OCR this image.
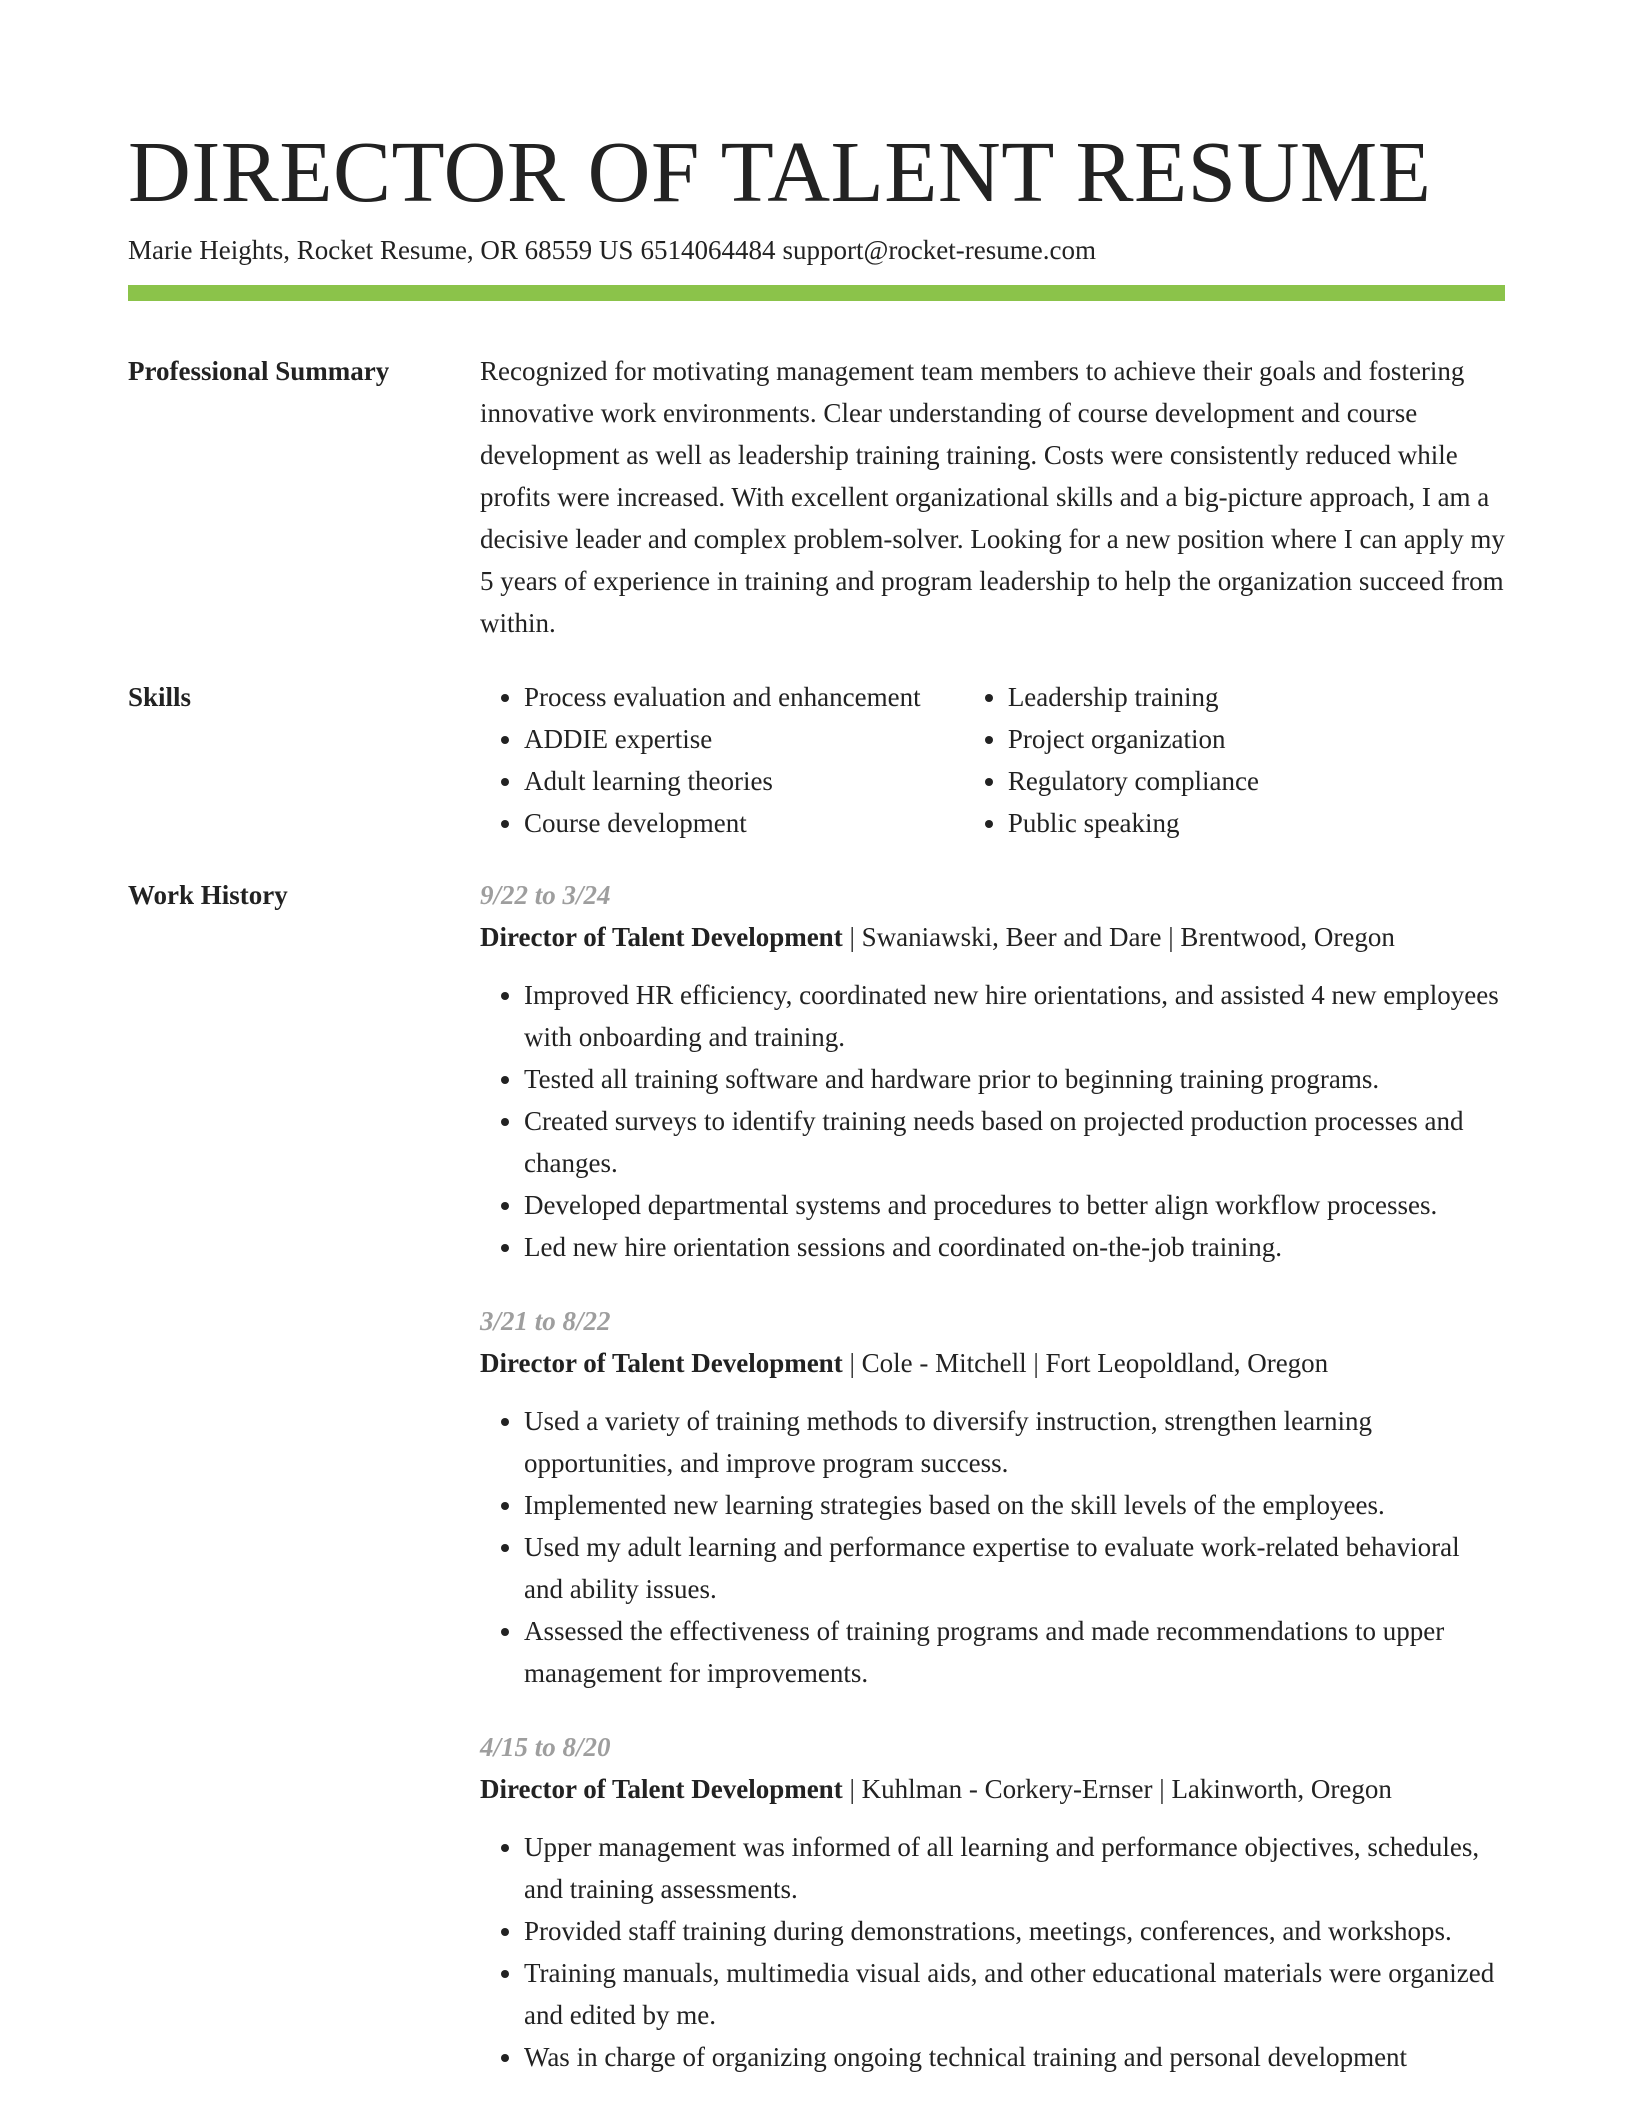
DIRECTOR OF TALENT RESUME
Marie Heights, Rocket Resume, OR 68559 US 6514064484 support@rocket-resume.com
Professional Summary	Recognized for motivating management team members to achieve their goals and fostering innovative work environments. Clear understanding of course development and course development as well as leadership training training. Costs were consistently reduced while profits were increased. With excellent organizational skills and a big-picture approach, I am a decisive leader and complex problem-solver. Looking for a new position where I can apply my 5 years of experience in training and program leadership to help the organization succeed from within.

Skills
•	Process evaluation and enhancement
• ADDIE expertise
• Adult learning theories
• Course development
• Leadership training
• Project organization
• Regulatory compliance
• Public speaking
Work History	9/22 to 3/24
Director of Talent Development | Swaniawski, Beer and Dare | Brentwood, Oregon
• Improved HR efficiency, coordinated new hire orientations, and assisted 4 new employees with onboarding and training.
• Tested all training software and hardware prior to beginning training programs.
• Created surveys to identify training needs based on projected production processes and changes.
• Developed departmental systems and procedures to better align workflow processes.
• Led new hire orientation sessions and coordinated on-the-job training.
3/21 to 8/22
Director of Talent Development | Cole - Mitchell | Fort Leopoldland, Oregon
• Used a variety of training methods to diversify instruction, strengthen learning opportunities, and improve program success.
• Implemented new learning strategies based on the skill levels of the employees.
• Used my adult learning and performance expertise to evaluate work-related behavioral and ability issues.
• Assessed the effectiveness of training programs and made recommendations to upper management for improvements.
4/15 to 8/20
Director of Talent Development | Kuhlman - Corkery-Ernser | Lakinworth, Oregon
• Upper management was informed of all learning and performance objectives, schedules, and training assessments.
• Provided staff training during demonstrations, meetings, conferences, and workshops.
• Training manuals, multimedia visual aids, and other educational materials were organized and edited by me.
• Was in charge of organizing ongoing technical training and personal development
